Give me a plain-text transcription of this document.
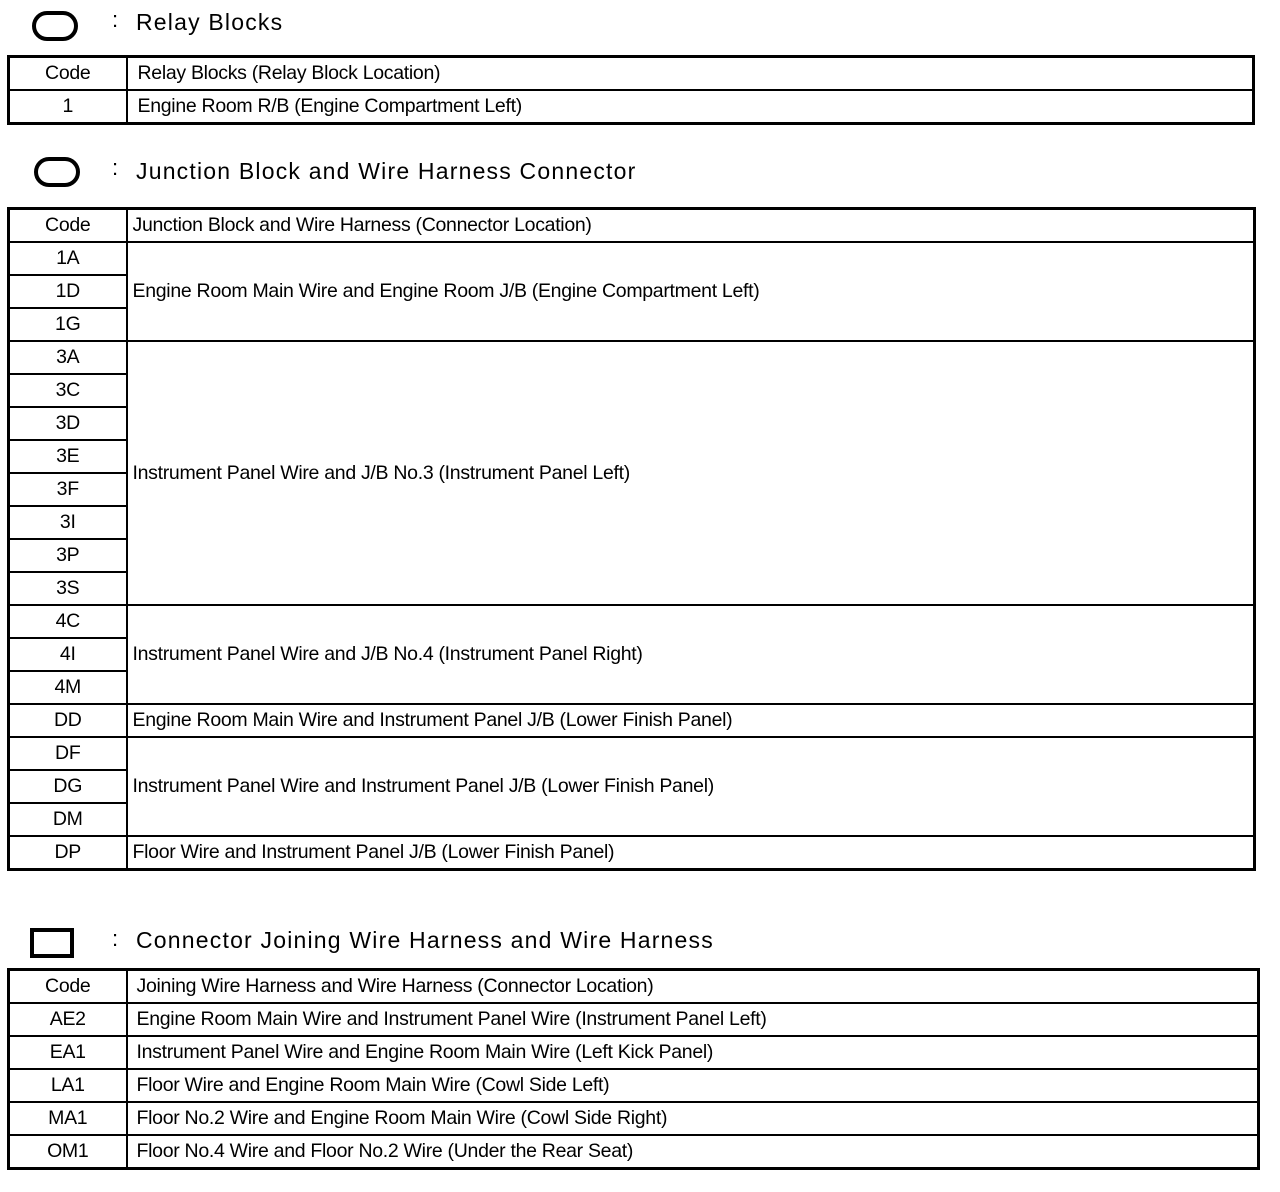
: Relay Blocks
Code	Relay Blocks (Relay Block Location)
1	Engine Room R/B (Engine Compartment Left)
: Junction Block and Wire Harness Connector
Code	Junction Block and Wire Harness (Connector Location)
1A	Engine Room Main Wire and Engine Room J/B (Engine Compartment Left)
1D	
1G	
3A	Instrument Panel Wire and J/B No.3 (Instrument Panel Left)
3C	
3D	
3E	
3F	
3I	
3P	
3S	
4C	Instrument Panel Wire and J/B No.4 (Instrument Panel Right)
4I	
4M	
DD	Engine Room Main Wire and Instrument Panel J/B (Lower Finish Panel)
DF	Instrument Panel Wire and Instrument Panel J/B (Lower Finish Panel)
DG	
DM	
DP	Floor Wire and Instrument Panel J/B (Lower Finish Panel)
: Connector Joining Wire Harness and Wire Harness
Code	Joining Wire Harness and Wire Harness (Connector Location)
AE2	Engine Room Main Wire and Instrument Panel Wire (Instrument Panel Left)
EA1	Instrument Panel Wire and Engine Room Main Wire (Left Kick Panel)
LA1	Floor Wire and Engine Room Main Wire (Cowl Side Left)
MA1	Floor No.2 Wire and Engine Room Main Wire (Cowl Side Right)
OM1	Floor No.4 Wire and Floor No.2 Wire (Under the Rear Seat)
